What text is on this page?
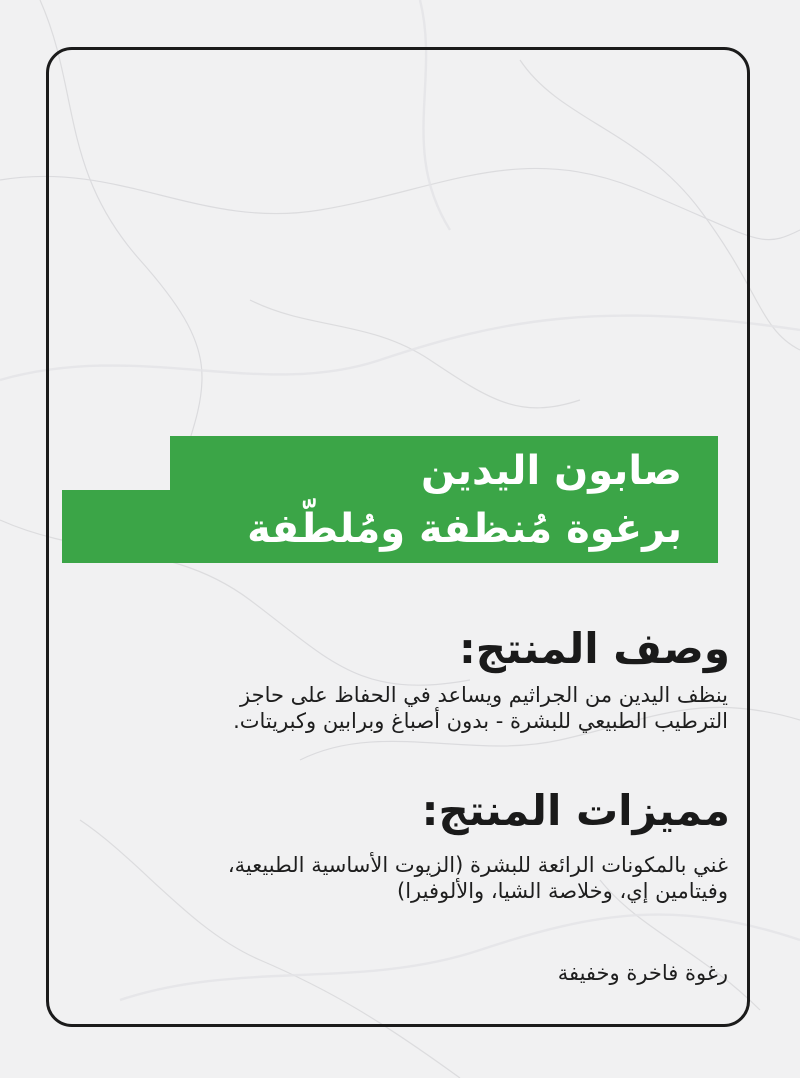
صابون اليدين
برغوة مُنظفة ومُلطّفة
وصف المنتج:
ينظف اليدين من الجراثيم ويساعد في الحفاظ على حاجز
الترطيب الطبيعي للبشرة - بدون أصباغ وبرابين وكبريتات.
مميزات المنتج:
غني بالمكونات الرائعة للبشرة (الزيوت الأساسية الطبيعية،
وفيتامين إي، وخلاصة الشيا، والألوفيرا)
رغوة فاخرة وخفيفة
